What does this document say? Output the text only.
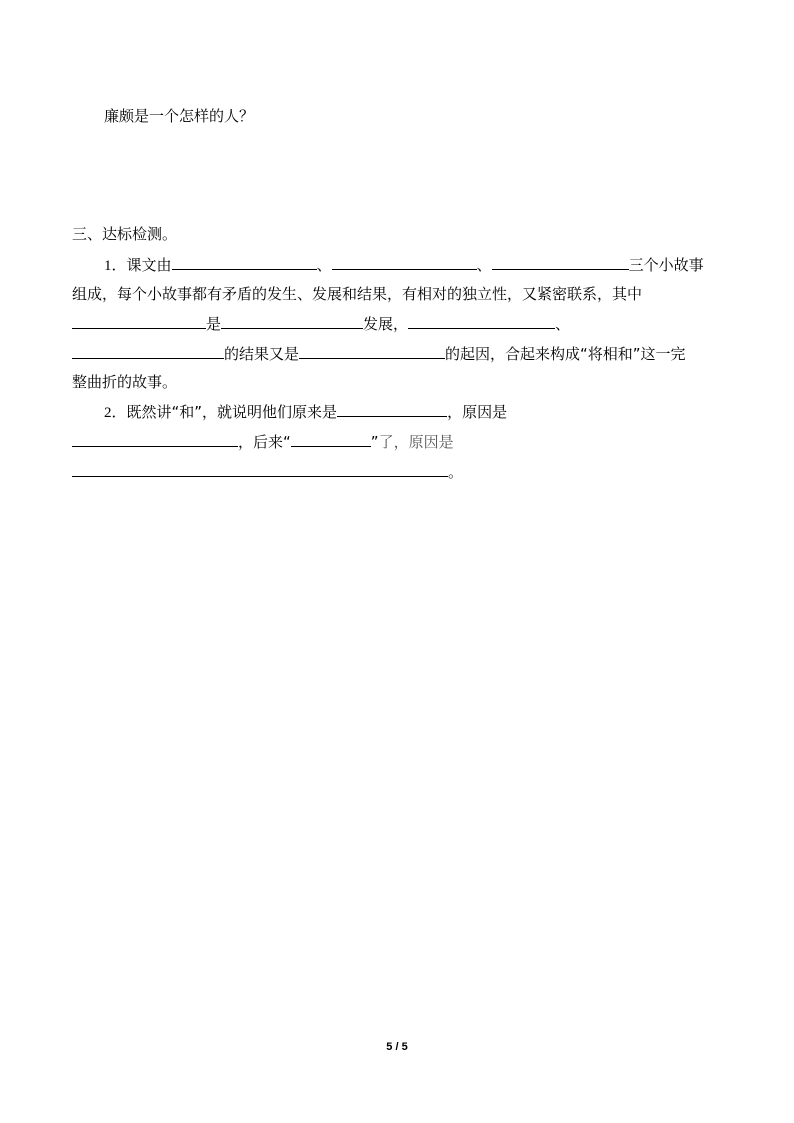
廉颇是一个怎样的人？
三、达标检测。
1．课文由	、	、	三个小故事
组成，每个小故事都有矛盾的发生、发展和结果，有相对的独立性，又紧密联系，其中
是	发展，	、
的结果又是	的起因，合起来构成“将相和”这一完
整曲折的故事。
2．既然讲“和”，就说明他们原来是	，原因是
，后来“	”了，原因是
。
5 / 5
